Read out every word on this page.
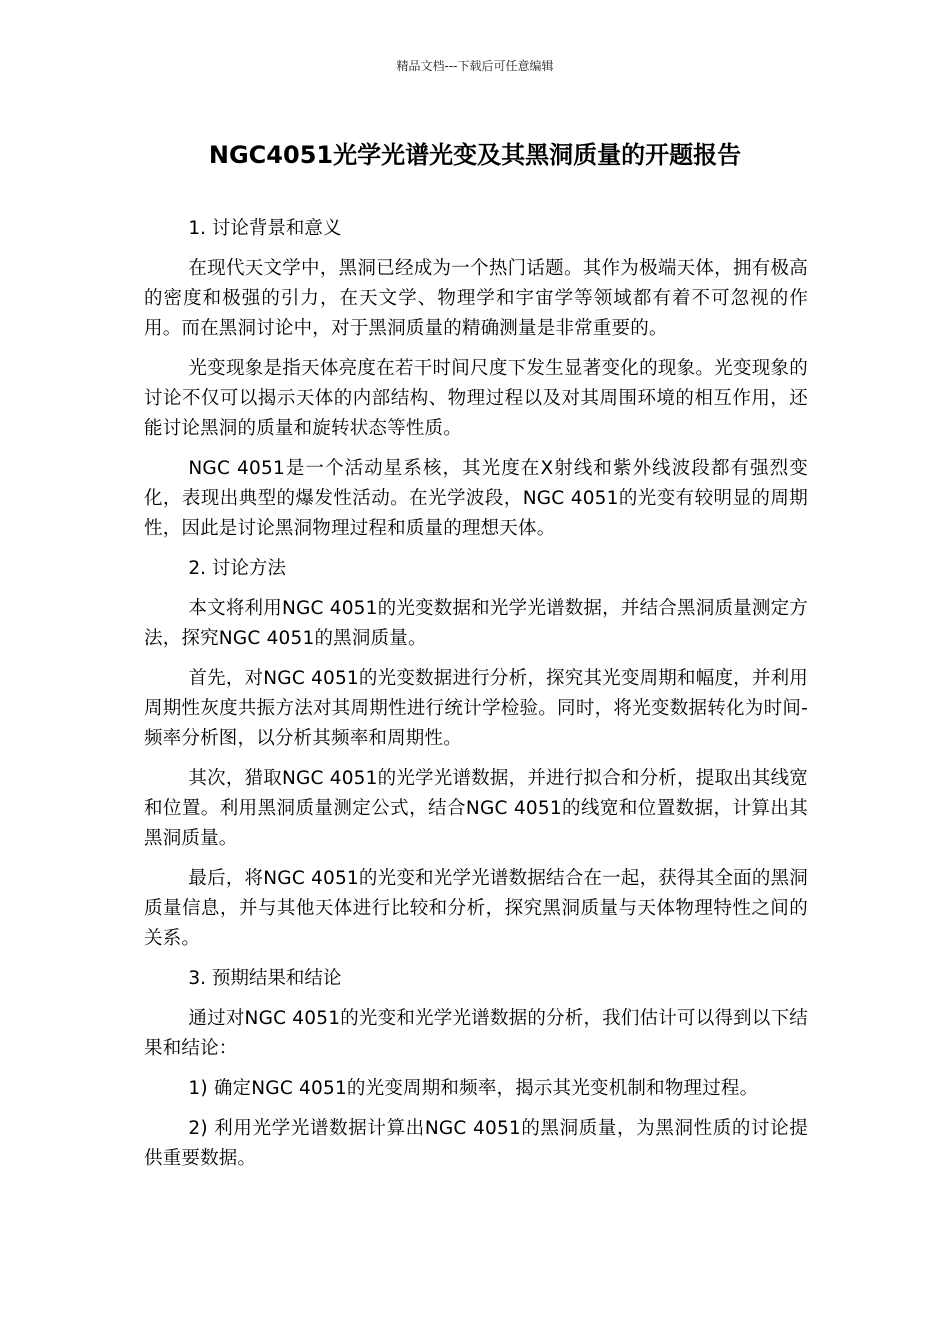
精品文档---下载后可任意编辑
NGC4051光学光谱光变及其黑洞质量的开题报告

1. 讨论背景和意义

在现代天文学中，黑洞已经成为一个热门话题。其作为极端天体，拥有极高的密度和极强的引力，在天文学、物理学和宇宙学等领域都有着不可忽视的作用。而在黑洞讨论中，对于黑洞质量的精确测量是非常重要的。

光变现象是指天体亮度在若干时间尺度下发生显著变化的现象。光变现象的讨论不仅可以揭示天体的内部结构、物理过程以及对其周围环境的相互作用，还能讨论黑洞的质量和旋转状态等性质。

NGC 4051是一个活动星系核，其光度在X射线和紫外线波段都有强烈变化，表现出典型的爆发性活动。在光学波段，NGC 4051的光变有较明显的周期性，因此是讨论黑洞物理过程和质量的理想天体。

2. 讨论方法

本文将利用NGC 4051的光变数据和光学光谱数据，并结合黑洞质量测定方法，探究NGC 4051的黑洞质量。

首先，对NGC 4051的光变数据进行分析，探究其光变周期和幅度，并利用周期性灰度共振方法对其周期性进行统计学检验。同时，将光变数据转化为时间-频率分析图，以分析其频率和周期性。

其次，猎取NGC 4051的光学光谱数据，并进行拟合和分析，提取出其线宽和位置。利用黑洞质量测定公式，结合NGC 4051的线宽和位置数据，计算出其黑洞质量。

最后，将NGC 4051的光变和光学光谱数据结合在一起，获得其全面的黑洞质量信息，并与其他天体进行比较和分析，探究黑洞质量与天体物理特性之间的关系。

3. 预期结果和结论

通过对NGC 4051的光变和光学光谱数据的分析，我们估计可以得到以下结果和结论：

1) 确定NGC 4051的光变周期和频率，揭示其光变机制和物理过程。

2) 利用光学光谱数据计算出NGC 4051的黑洞质量，为黑洞性质的讨论提供重要数据。
